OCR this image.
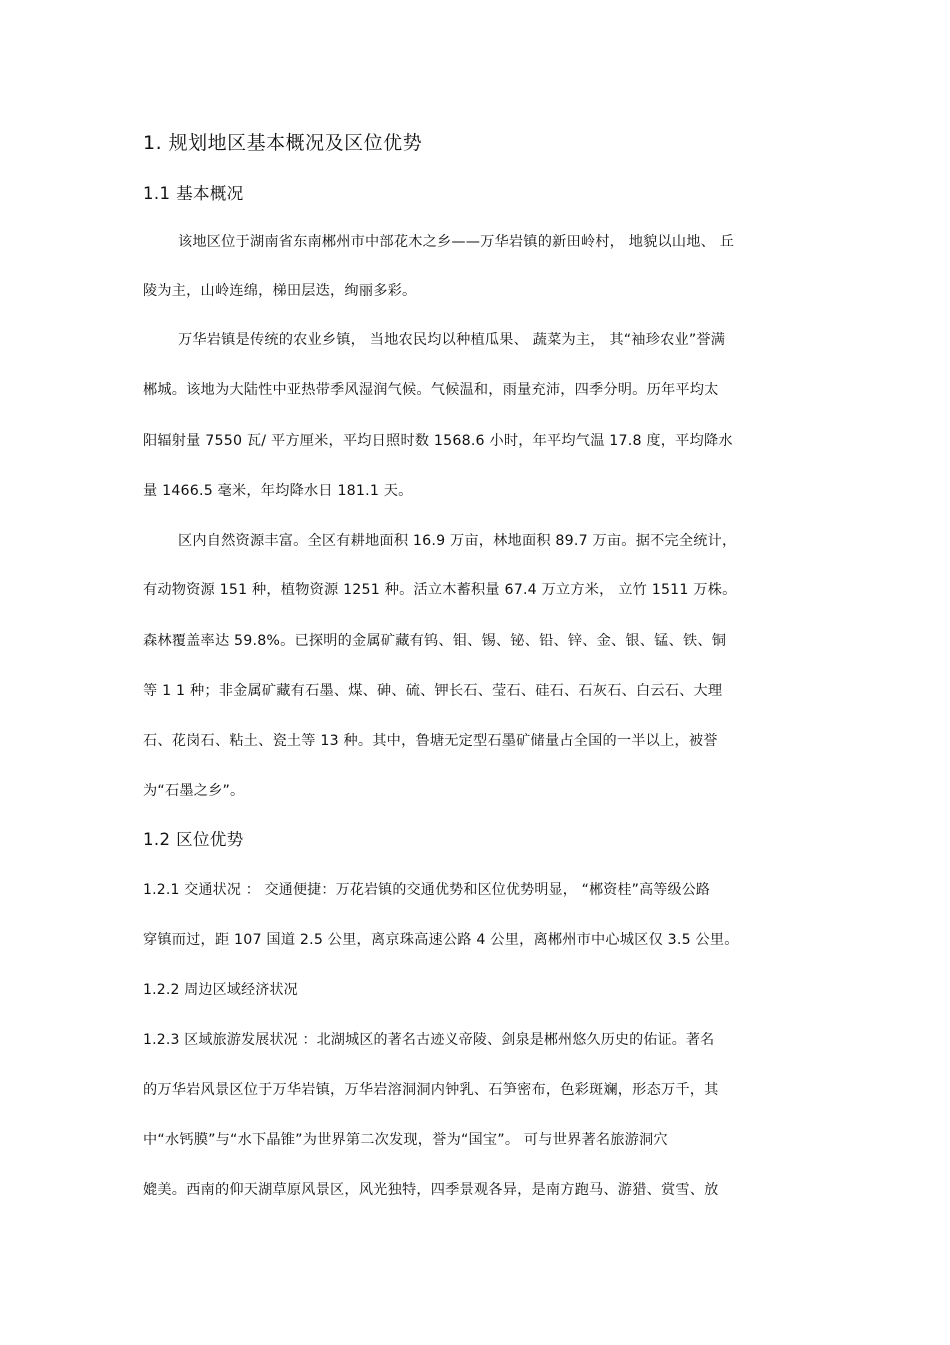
1. 规划地区基本概况及区位优势
1.1 基本概况
该地区位于湖南省东南郴州市中部花木之乡——万华岩镇的新田岭村， 地貌以山地、 丘
陵为主，山岭连绵，梯田层迭，绚丽多彩。
万华岩镇是传统的农业乡镇， 当地农民均以种植瓜果、 蔬菜为主， 其“袖珍农业”誉满
郴城。该地为大陆性中亚热带季风湿润气候。气候温和，雨量充沛，四季分明。历年平均太
阳辐射量 7550 瓦/ 平方厘米，平均日照时数 1568.6 小时，年平均气温 17.8 度，平均降水
量 1466.5 毫米，年均降水日 181.1 天。
区内自然资源丰富。全区有耕地面积 16.9 万亩，林地面积 89.7 万亩。据不完全统计，
有动物资源 151 种，植物资源 1251 种。活立木蓄积量 67.4 万立方米， 立竹 1511 万株。
森林覆盖率达 59.8%。已探明的金属矿藏有钨、钼、锡、铋、铅、锌、金、银、锰、铁、铜
等 1 1 种；非金属矿藏有石墨、煤、砷、硫、钾长石、莹石、硅石、石灰石、白云石、大理
石、花岗石、粘土、瓷土等 13 种。其中，鲁塘无定型石墨矿储量占全国的一半以上，被誉
为“石墨之乡”。
1.2 区位优势
1.2.1 交通状况 ： 交通便捷：万花岩镇的交通优势和区位优势明显， “郴资桂”高等级公路
穿镇而过，距 107 国道 2.5 公里，离京珠高速公路 4 公里，离郴州市中心城区仅 3.5 公里。
1.2.2 周边区域经济状况
1.2.3 区域旅游发展状况 ：北湖城区的著名古迹义帝陵、剑泉是郴州悠久历史的佑证。著名
的万华岩风景区位于万华岩镇，万华岩溶洞洞内钟乳、石笋密布，色彩斑斓，形态万千，其
中“水钙膜”与“水下晶锥”为世界第二次发现，誉为“国宝”。 可与世界著名旅游洞穴
媲美。西南的仰天湖草原风景区，风光独特，四季景观各异，是南方跑马、游猎、赏雪、放
